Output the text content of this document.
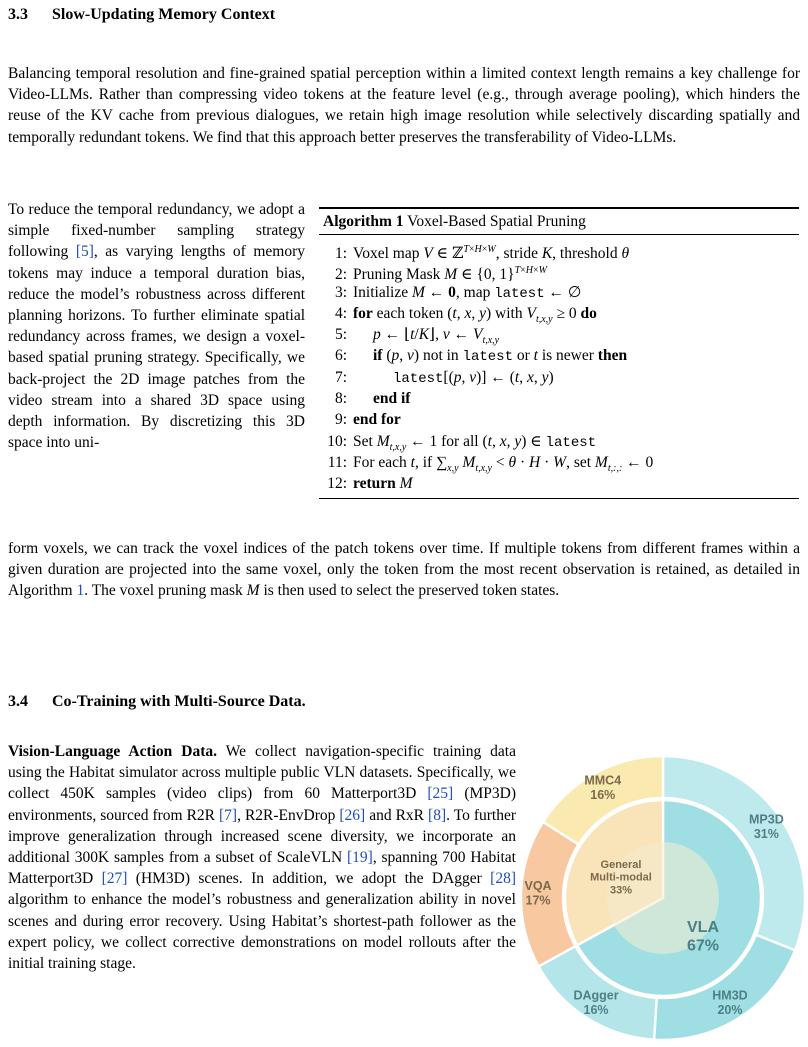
3.3 Slow-Updating Memory Context

Balancing temporal resolution and fine-grained spatial perception within a limited context length remains a key challenge for Video-LLMs. Rather than compressing video tokens at the feature level (e.g., through average pooling), which hinders the reuse of the KV cache from previous dialogues, we retain high image resolution while selectively discarding spatially and temporally redundant tokens. We find that this approach better preserves the transferability of Video-LLMs.

To reduce the temporal redundancy, we adopt a simple fixed-number sampling strategy following [5], as varying lengths of memory tokens may induce a temporal duration bias, reduce the model’s robustness across different planning horizons. To further eliminate spatial redundancy across frames, we design a voxel-based spatial pruning strategy. Specifically, we back-project the 2D image patches from the video stream into a shared 3D space using depth information. By discretizing this 3D space into uni-

Algorithm 1 Voxel-Based Spatial Pruning
1: Voxel map V ∈ ℤ$^{T\times H\times W}$, stride K, threshold θ
2: Pruning Mask M ∈ {0, 1}$^{T\times H\times W}$
3: Initialize M ← 0, map latest ← ∅
4: for each token (t, x, y) with $V_{t,x,y} \ge 0$ do
5: p ← ⌊t/K⌋, v ← $V_{t,x,y}$
6: if (p, v) not in latest or t is newer then
7:	latest[(p, v)] ← (t, x, y)
8: end if
9: end for
10: Set $M_{t,x,y}$ ← 1 for all (t, x, y) ∈ latest
11: For each t, if $\sum_{x,y}$ $M_{t,x,y} < \theta \cdot H \cdot W$, set $M_{t,:,:}$ ← 0
12: return M

form voxels, we can track the voxel indices of the patch tokens over time. If multiple tokens from different frames within a given duration are projected into the same voxel, only the token from the most recent observation is retained, as detailed in Algorithm 1. The voxel pruning mask M is then used to select the preserved token states.

3.4 Co-Training with Multi-Source Data.

Vision-Language Action Data. We collect navigation-specific training data using the Habitat simulator across multiple public VLN datasets. Specifically, we collect 450K samples (video clips) from 60 Matterport3D [25] (MP3D) environments, sourced from R2R [7], R2R-EnvDrop [26] and RxR [8]. To further improve generalization through increased scene diversity, we incorporate an additional 300K samples from a subset of ScaleVLN [19], spanning 700 Habitat Matterport3D [27] (HM3D) scenes. In addition, we adopt the DAgger [28] algorithm to enhance the model’s robustness and generalization ability in novel scenes and during error recovery. Using Habitat’s shortest-path follower as the expert policy, we collect corrective demonstrations on model rollouts after the initial training stage.

MP3D 31%
HM3D 20%
DAgger 16%
VQA 17%
MMC4 16%
VLA 67%
General Multi-modal 33%
